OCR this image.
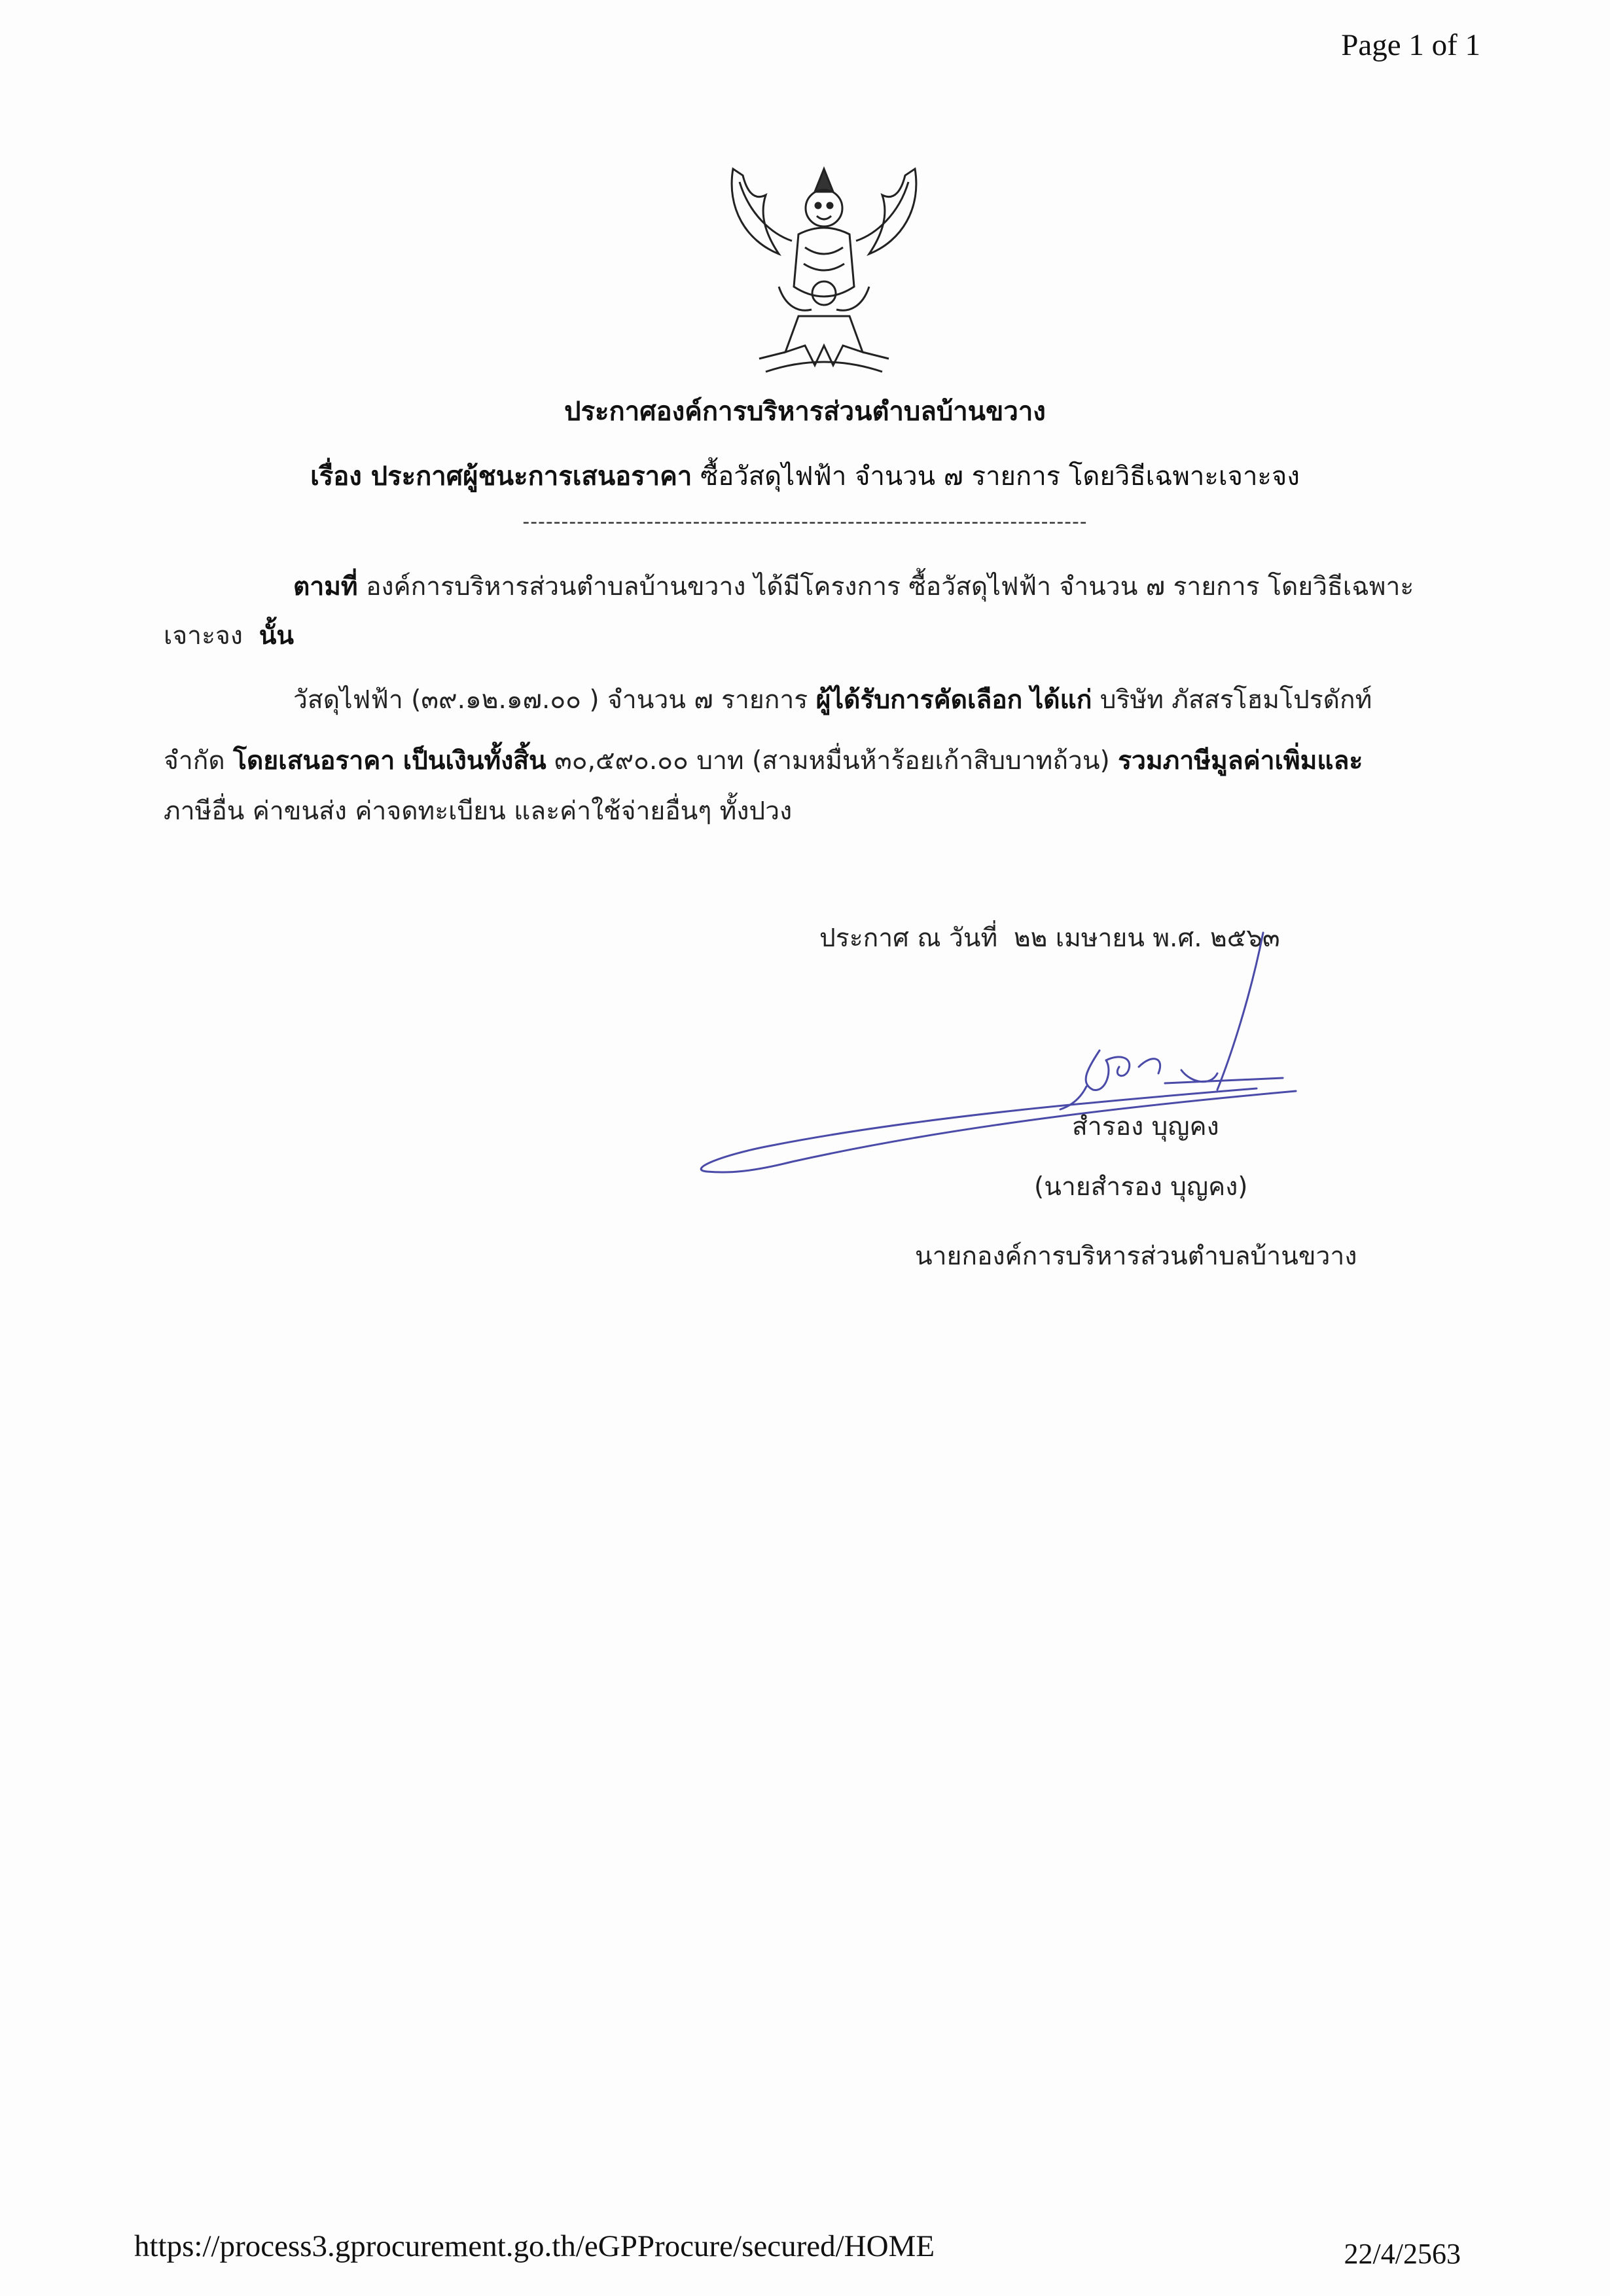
Page 1 of 1
ประกาศองค์การบริหารส่วนตำบลบ้านขวาง
เรื่อง ประกาศผู้ชนะการเสนอราคา ซื้อวัสดุไฟฟ้า จำนวน ๗ รายการ โดยวิธีเฉพาะเจาะจง
-------------------------------------------------------------------------
ตามที่ องค์การบริหารส่วนตำบลบ้านขวาง ได้มีโครงการ ซื้อวัสดุไฟฟ้า จำนวน ๗ รายการ โดยวิธีเฉพาะ
เจาะจง นั้น
วัสดุไฟฟ้า (๓๙.๑๒.๑๗.๐๐ ) จำนวน ๗ รายการ ผู้ได้รับการคัดเลือก ได้แก่ บริษัท ภัสสรโฮมโปรดักท์
จำกัด โดยเสนอราคา เป็นเงินทั้งสิ้น ๓๐,๕๙๐.๐๐ บาท (สามหมื่นห้าร้อยเก้าสิบบาทถ้วน) รวมภาษีมูลค่าเพิ่มและ
ภาษีอื่น ค่าขนส่ง ค่าจดทะเบียน และค่าใช้จ่ายอื่นๆ ทั้งปวง
ประกาศ ณ วันที่ ๒๒ เมษายน พ.ศ. ๒๕๖๓
สำรอง บุญคง
(นายสำรอง บุญคง)
นายกองค์การบริหารส่วนตำบลบ้านขวาง
https://process3.gprocurement.go.th/eGPProcure/secured/HOME	22/4/2563
